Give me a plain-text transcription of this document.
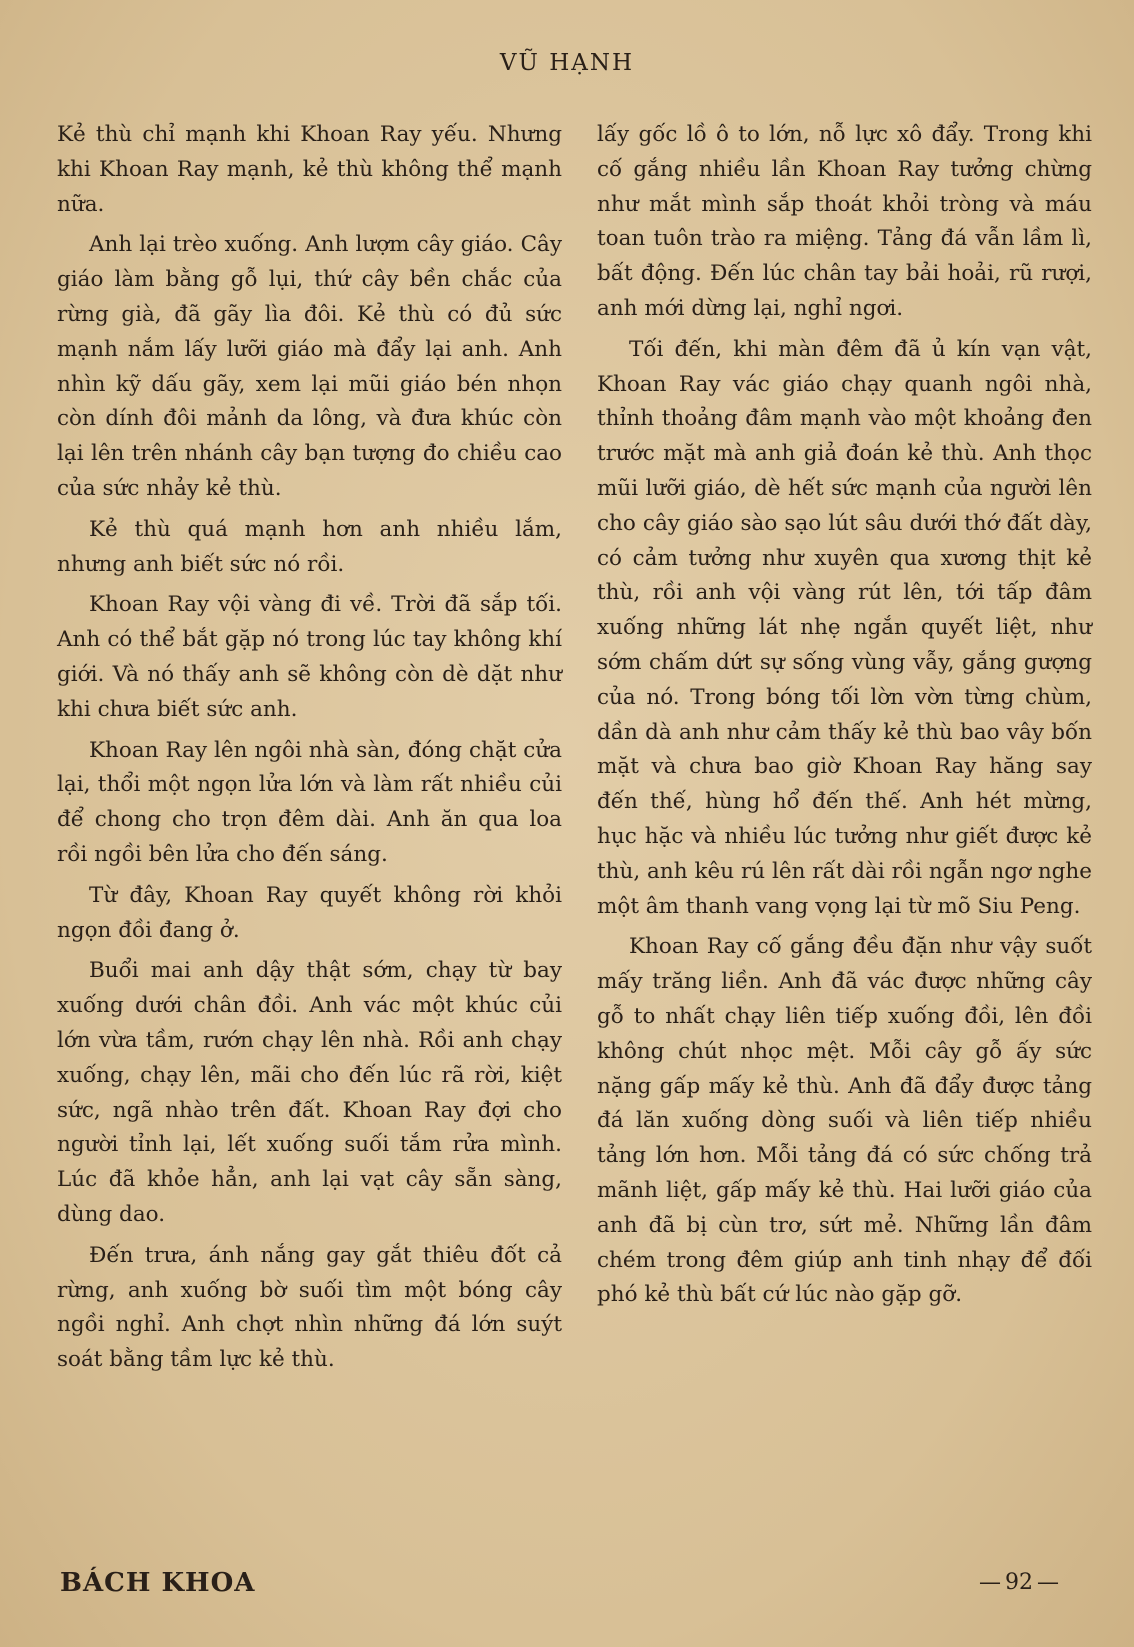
VŨ HẠNH

Kẻ thù chỉ mạnh khi Khoan Ray yếu. Nhưng khi Khoan Ray mạnh, kẻ thù không thể mạnh nữa.

Anh lại trèo xuống. Anh lượm cây giáo. Cây giáo làm bằng gỗ lụi, thứ cây bền chắc của rừng già, đã gãy lìa đôi. Kẻ thù có đủ sức mạnh nắm lấy lưỡi giáo mà đẩy lại anh. Anh nhìn kỹ dấu gãy, xem lại mũi giáo bén nhọn còn dính đôi mảnh da lông, và đưa khúc còn lại lên trên nhánh cây bạn tượng đo chiều cao của sức nhảy kẻ thù.

Kẻ thù quá mạnh hơn anh nhiều lắm, nhưng anh biết sức nó rồi.

Khoan Ray vội vàng đi về. Trời đã sắp tối. Anh có thể bắt gặp nó trong lúc tay không khí giới. Và nó thấy anh sẽ không còn dè dặt như khi chưa biết sức anh.

Khoan Ray lên ngôi nhà sàn, đóng chặt cửa lại, thổi một ngọn lửa lớn và làm rất nhiều củi để chong cho trọn đêm dài. Anh ăn qua loa rồi ngồi bên lửa cho đến sáng.

Từ đây, Khoan Ray quyết không rời khỏi ngọn đồi đang ở.

Buổi mai anh dậy thật sớm, chạy từ bay xuống dưới chân đồi. Anh vác một khúc củi lớn vừa tầm, rướn chạy lên nhà. Rồi anh chạy xuống, chạy lên, mãi cho đến lúc rã rời, kiệt sức, ngã nhào trên đất. Khoan Ray đợi cho người tỉnh lại, lết xuống suối tắm rửa mình. Lúc đã khỏe hẳn, anh lại vạt cây sẵn sàng, dùng dao.

Đến trưa, ánh nắng gay gắt thiêu đốt cả rừng, anh xuống bờ suối tìm một bóng cây ngồi nghỉ. Anh chợt nhìn những đá lớn suýt soát bằng tầm lực kẻ thù.

lấy gốc lồ ô to lớn, nỗ lực xô đẩy. Trong khi cố gắng nhiều lần Khoan Ray tưởng chừng như mắt mình sắp thoát khỏi tròng và máu toan tuôn trào ra miệng. Tảng đá vẫn lầm lì, bất động. Đến lúc chân tay bải hoải, rũ rượi, anh mới dừng lại, nghỉ ngơi.

Tối đến, khi màn đêm đã ủ kín vạn vật, Khoan Ray vác giáo chạy quanh ngôi nhà, thỉnh thoảng đâm mạnh vào một khoảng đen trước mặt mà anh giả đoán kẻ thù. Anh thọc mũi lưỡi giáo, dè hết sức mạnh của người lên cho cây giáo sào sạo lút sâu dưới thớ đất dày, có cảm tưởng như xuyên qua xương thịt kẻ thù, rồi anh vội vàng rút lên, tới tấp đâm xuống những lát nhẹ ngắn quyết liệt, như sớm chấm dứt sự sống vùng vẫy, gắng gượng của nó. Trong bóng tối lờn vờn từng chùm, dần dà anh như cảm thấy kẻ thù bao vây bốn mặt và chưa bao giờ Khoan Ray hăng say đến thế, hùng hổ đến thế. Anh hét mừng, hục hặc và nhiều lúc tưởng như giết được kẻ thù, anh kêu rú lên rất dài rồi ngẫn ngơ nghe một âm thanh vang vọng lại từ mõ Siu Peng.

Khoan Ray cố gắng đều đặn như vậy suốt mấy trăng liền. Anh đã vác được những cây gỗ to nhất chạy liên tiếp xuống đồi, lên đồi không chút nhọc mệt. Mỗi cây gỗ ấy sức nặng gấp mấy kẻ thù. Anh đã đẩy được tảng đá lăn xuống dòng suối và liên tiếp nhiều tảng lớn hơn. Mỗi tảng đá có sức chống trả mãnh liệt, gấp mấy kẻ thù. Hai lưỡi giáo của anh đã bị cùn trơ, sứt mẻ. Những lần đâm chém trong đêm giúp anh tinh nhạy để đối phó kẻ thù bất cứ lúc nào gặp gỡ.

BÁCH KHOA
—	92 —
